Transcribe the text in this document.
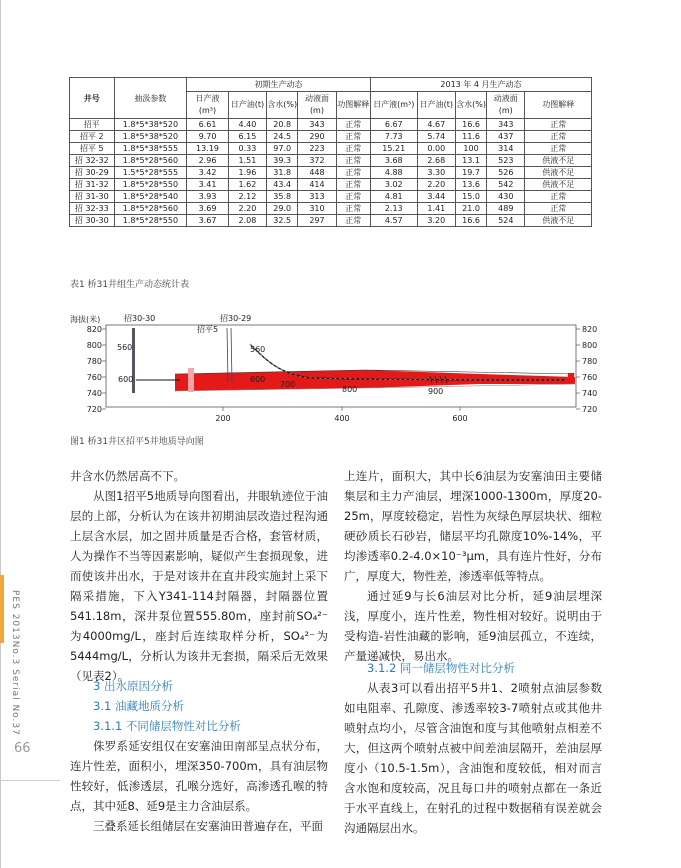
PES 2013No.3 Serial No.37
66
井号	抽汲参数	初期生产动态					2013 年 4 月生产动态				
		日产液(m³)	日产油(t)	含水(%)	动液面(m)	功图解释	日产液(m³)	日产油(t)	含水(%)	动液面(m)	功图解释
招平	1.8*5*38*520	6.61	4.40	20.8	343	正常	6.67	4.67	16.6	343	正常
招平 2	1.8*5*38*520	9.70	6.15	24.5	290	正常	7.73	5.74	11.6	437	正常
招平 5	1.8*5*38*555	13.19	0.33	97.0	223	正常	15.21	0.00	100	314	正常
招 32-32	1.8*5*28*560	2.96	1.51	39.3	372	正常	3.68	2.68	13.1	523	供液不足
招 30-29	1.5*5*28*555	3.42	1.96	31.8	448	正常	4.88	3.30	19.7	526	供液不足
招 31-32	1.8*5*28*550	3.41	1.62	43.4	414	正常	3.02	2.20	13.6	542	供液不足
招 31-30	1.8*5*28*540	3.93	2.12	35.8	313	正常	4.81	3.44	15.0	430	正常
招 32-33	1.8*5*28*560	3.69	2.20	29.0	310	正常	2.13	1.41	21.0	489	正常
招 30-30	1.8*5*28*550	3.67	2.08	32.5	297	正常	4.57	3.20	16.6	524	供液不足
表1 桥31井组生产动态统计表
海拔(米)
820
800
780
760
740
720
820
800
780
760
740
720
200	400	600
招30-30	招30-29
招平5
560
600
560
600
700
800	900
图1 桥31井区招平5井地质导向图

井含水仍然居高不下。

从图1招平5地质导向图看出，井眼轨迹位于油层的上部，分析认为在该井初期油层改造过程沟通上层含水层，加之固井质量是否合格，套管材质，人为操作不当等因素影响，疑似产生套损现象，进而使该井出水，于是对该井在直井段实施封上采下隔采措施，下入Y341-114封隔器，封隔器位置541.18m，深井泵位置555.80m，座封前SO₄²⁻为4000mg/L，座封后连续取样分析，SO₄²⁻为5444mg/L，分析认为该井无套损，隔采后无效果（见表2）。

3 出水原因分析

3.1 油藏地质分析

3.1.1 不同储层物性对比分析

侏罗系延安组仅在安塞油田南部呈点状分布，连片性差，面积小，埋深350-700m，具有油层物性较好，低渗透层，孔喉分选好，高渗透孔喉的特点，其中延8、延9是主力含油层系。

三叠系延长组储层在安塞油田普遍存在，平面

上连片，面积大，其中长6油层为安塞油田主要储集层和主力产油层，埋深1000-1300m，厚度20-25m，厚度较稳定，岩性为灰绿色厚层块状、细粒硬砂质长石砂岩，储层平均孔隙度10%-14%，平均渗透率0.2-4.0×10⁻³μm，具有连片性好，分布广，厚度大，物性差，渗透率低等特点。

通过延9与长6油层对比分析，延9油层埋深浅，厚度小，连片性差，物性相对较好。说明由于受构造-岩性油藏的影响，延9油层孤立，不连续，产量递减快，易出水。

3.1.2 同一储层物性对比分析

从表3可以看出招平5井1、2喷射点油层参数如电阻率、孔隙度、渗透率较3-7喷射点或其他井喷射点均小，尽管含油饱和度与其他喷射点相差不大，但这两个喷射点被中间差油层隔开，差油层厚度小（10.5-1.5m），含油饱和度较低，相对而言含水饱和度较高，况且每口井的喷射点都在一条近于水平直线上，在射孔的过程中数据稍有误差就会沟通隔层出水。
